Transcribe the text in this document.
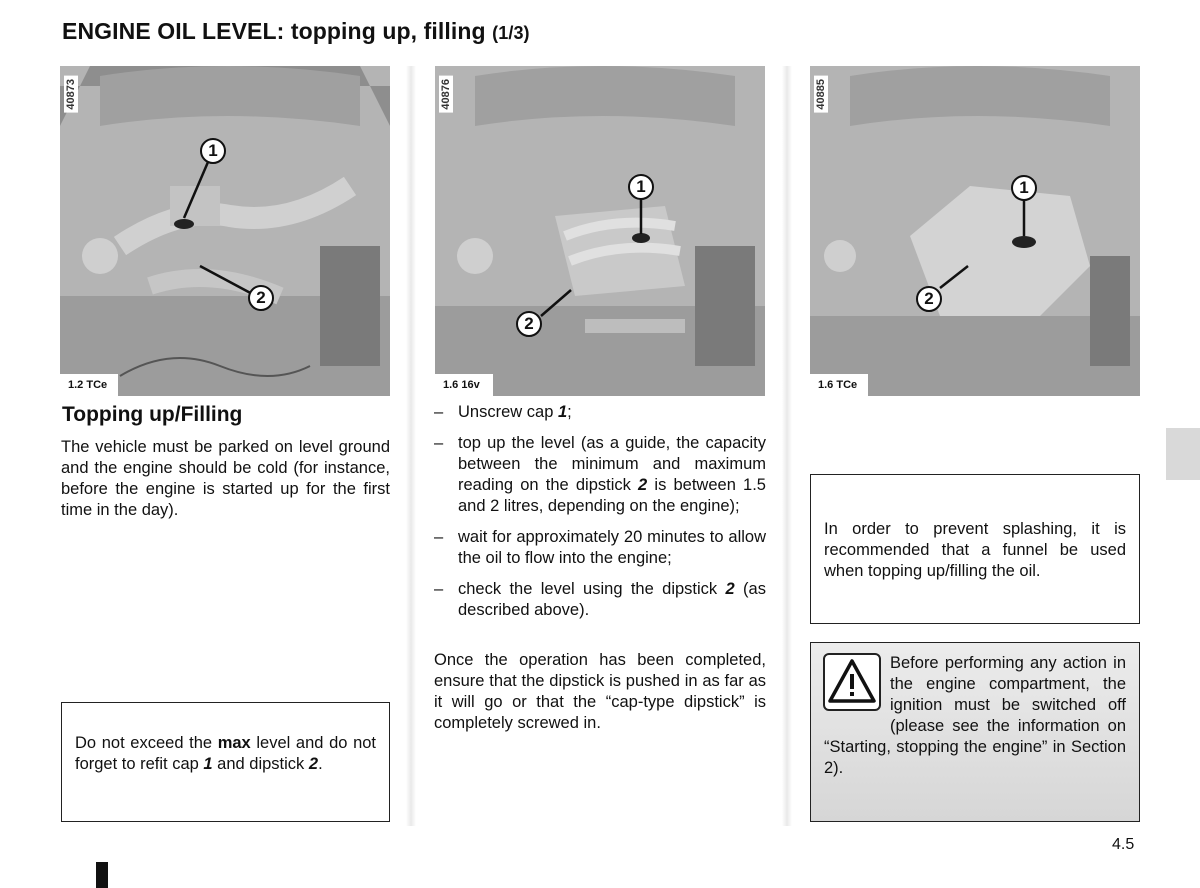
ENGINE OIL LEVEL: topping up, filling (1/3)
40873
1
2
1.2 TCe
40876
1
2
1.6 16v
40885
1
2
1.6 TCe
Topping up/Filling

The vehicle must be parked on level ground and the engine should be cold (for instance, before the engine is started up for the first time in the day).

Do not exceed the max level and do not forget to refit cap 1 and dipstick 2.
– Unscrew cap 1;
– top up the level (as a guide, the capacity between the minimum and maximum reading on the dipstick 2 is between 1.5 and 2 litres, depending on the engine);
– wait for approximately 20 minutes to allow the oil to flow into the engine;
– check the level using the dipstick 2 (as described above).

Once the operation has been completed, ensure that the dipstick is pushed in as far as it will go or that the “cap-type dipstick” is completely screwed in.

In order to prevent splashing, it is recommended that a funnel be used when topping up/filling the oil.
Before performing any action in the engine compartment, the ignition must be switched off (please see the information on “Starting, stopping the engine” in Section 2).
4.5
